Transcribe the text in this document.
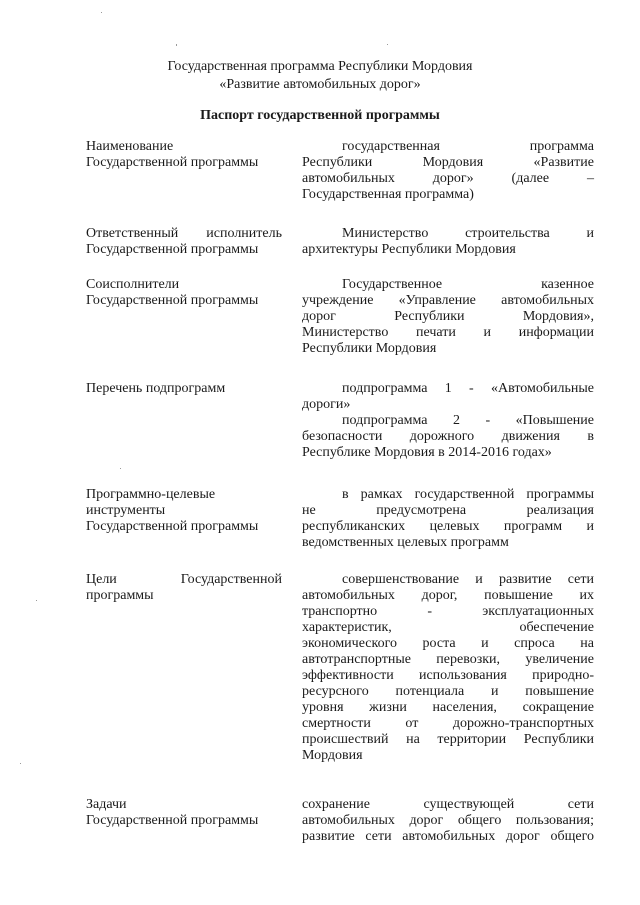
Государственная программа Республики Мордовия
«Развитие автомобильных дорог»
Паспорт государственной программы
Наименование
Государственной программы
государственная программа
Республики Мордовия «Развитие
автомобильных дорог» (далее –
Государственная программа)
Ответственный исполнитель
Государственной программы
Министерство строительства и
архитектуры Республики Мордовия
Соисполнители
Государственной программы
Государственное казенное
учреждение «Управление автомобильных
дорог Республики Мордовия»,
Министерство печати и информации
Республики Мордовия
Перечень подпрограмм	подпрограмма 1 - «Автомобильные
дороги»
подпрограмма 2 - «Повышение
безопасности дорожного движения в
Республике Мордовия в 2014-2016 годах»
Программно-целевые
инструменты
Государственной программы
в рамках государственной программы
не предусмотрена реализация
республиканских целевых программ и
ведомственных целевых программ
Цели Государственной
программы
совершенствование и развитие сети
автомобильных дорог, повышение их
транспортно - эксплуатационных
характеристик, обеспечение
экономического роста и спроса на
автотранспортные перевозки, увеличение
эффективности использования природно-
ресурсного потенциала и повышение
уровня жизни населения, сокращение
смертности от дорожно-транспортных
происшествий на территории Республики
Мордовия
Задачи
Государственной программы
сохранение существующей сети
автомобильных дорог общего пользования;
развитие сети автомобильных дорог общего
